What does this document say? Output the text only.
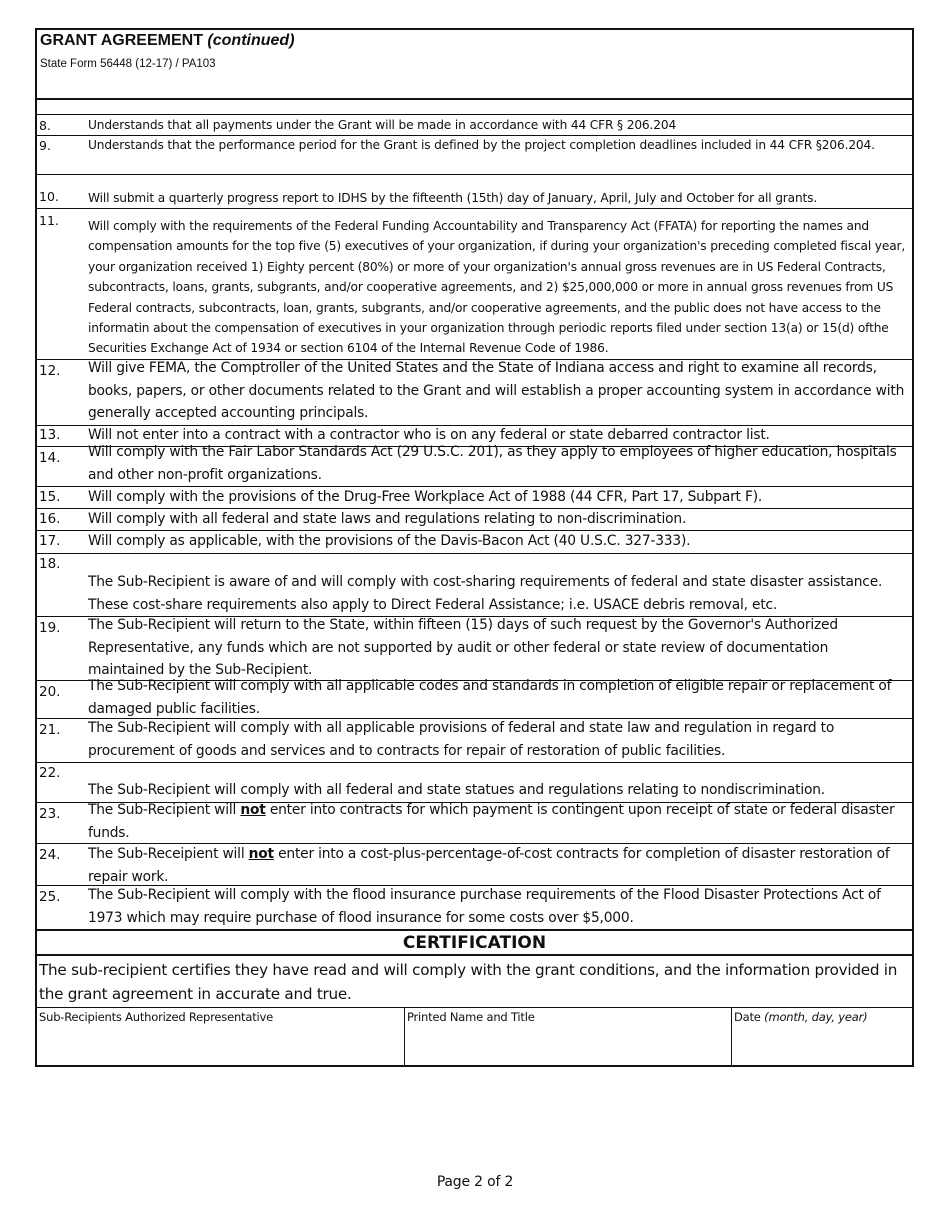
GRANT AGREEMENT (continued)
State Form 56448 (12-17) / PA103
8.	Understands that all payments under the Grant will be made in accordance with 44 CFR § 206.204
9.	Understands that the performance period for the Grant is defined by the project completion deadlines included in 44 CFR §206.204.
10. Will submit a quarterly progress report to IDHS by the fifteenth (15th) day of January, April, July and October for all grants.
11. Will comply with the requirements of the Federal Funding Accountability and Transparency Act (FFATA) for reporting the names and compensation amounts for the top five (5) executives of your organization, if during your organization's preceding completed fiscal year, your organization received 1) Eighty percent (80%) or more of your organization's annual gross revenues are in US Federal Contracts, subcontracts, loans, grants, subgrants, and/or cooperative agreements, and 2) $25,000,000 or more in annual gross revenues from US Federal contracts, subcontracts, loan, grants, subgrants, and/or cooperative agreements, and the public does not have access to the informatin about the compensation of executives in your organization through periodic reports filed under section 13(a) or 15(d) ofthe Securities Exchange Act of 1934 or section 6104 of the Internal Revenue Code of 1986.
12. Will give FEMA, the Comptroller of the United States and the State of Indiana access and right to examine all records, books, papers, or other documents related to the Grant and will establish a proper accounting system in accordance with generally accepted accounting principals.
13. Will not enter into a contract with a contractor who is on any federal or state debarred contractor list.
14. Will comply with the Fair Labor Standards Act (29 U.S.C. 201), as they apply to employees of higher education, hospitals and other non-profit organizations.
15. Will comply with the provisions of the Drug-Free Workplace Act of 1988 (44 CFR, Part 17, Subpart F).
16. Will comply with all federal and state laws and regulations relating to non-discrimination.
17. Will comply as applicable, with the provisions of the Davis-Bacon Act (40 U.S.C. 327-333).
18.
The Sub-Recipient is aware of and will comply with cost-sharing requirements of federal and state disaster assistance. These cost-share requirements also apply to Direct Federal Assistance; i.e. USACE debris removal, etc.
19. The Sub-Recipient will return to the State, within fifteen (15) days of such request by the Governor's Authorized Representative, any funds which are not supported by audit or other federal or state review of documentation maintained by the Sub-Recipient.
20. The Sub-Recipient will comply with all applicable codes and standards in completion of eligible repair or replacement of damaged public facilities.
21. The Sub-Recipient will comply with all applicable provisions of federal and state law and regulation in regard to procurement of goods and services and to contracts for repair of restoration of public facilities.
22.
The Sub-Recipient will comply with all federal and state statues and regulations relating to nondiscrimination.
23. The Sub-Recipient will not enter into contracts for which payment is contingent upon receipt of state or federal disaster funds.
24. The Sub-Receipient will not enter into a cost-plus-percentage-of-cost contracts for completion of disaster restoration of repair work.
25. The Sub-Recipient will comply with the flood insurance purchase requirements of the Flood Disaster Protections Act of 1973 which may require purchase of flood insurance for some costs over $5,000.
CERTIFICATION
The sub-recipient certifies they have read and will comply with the grant conditions, and the information provided in the grant agreement in accurate and true.
Sub-Recipients Authorized Representative	Printed Name and Title	Date (month, day, year)
Page 2 of 2
